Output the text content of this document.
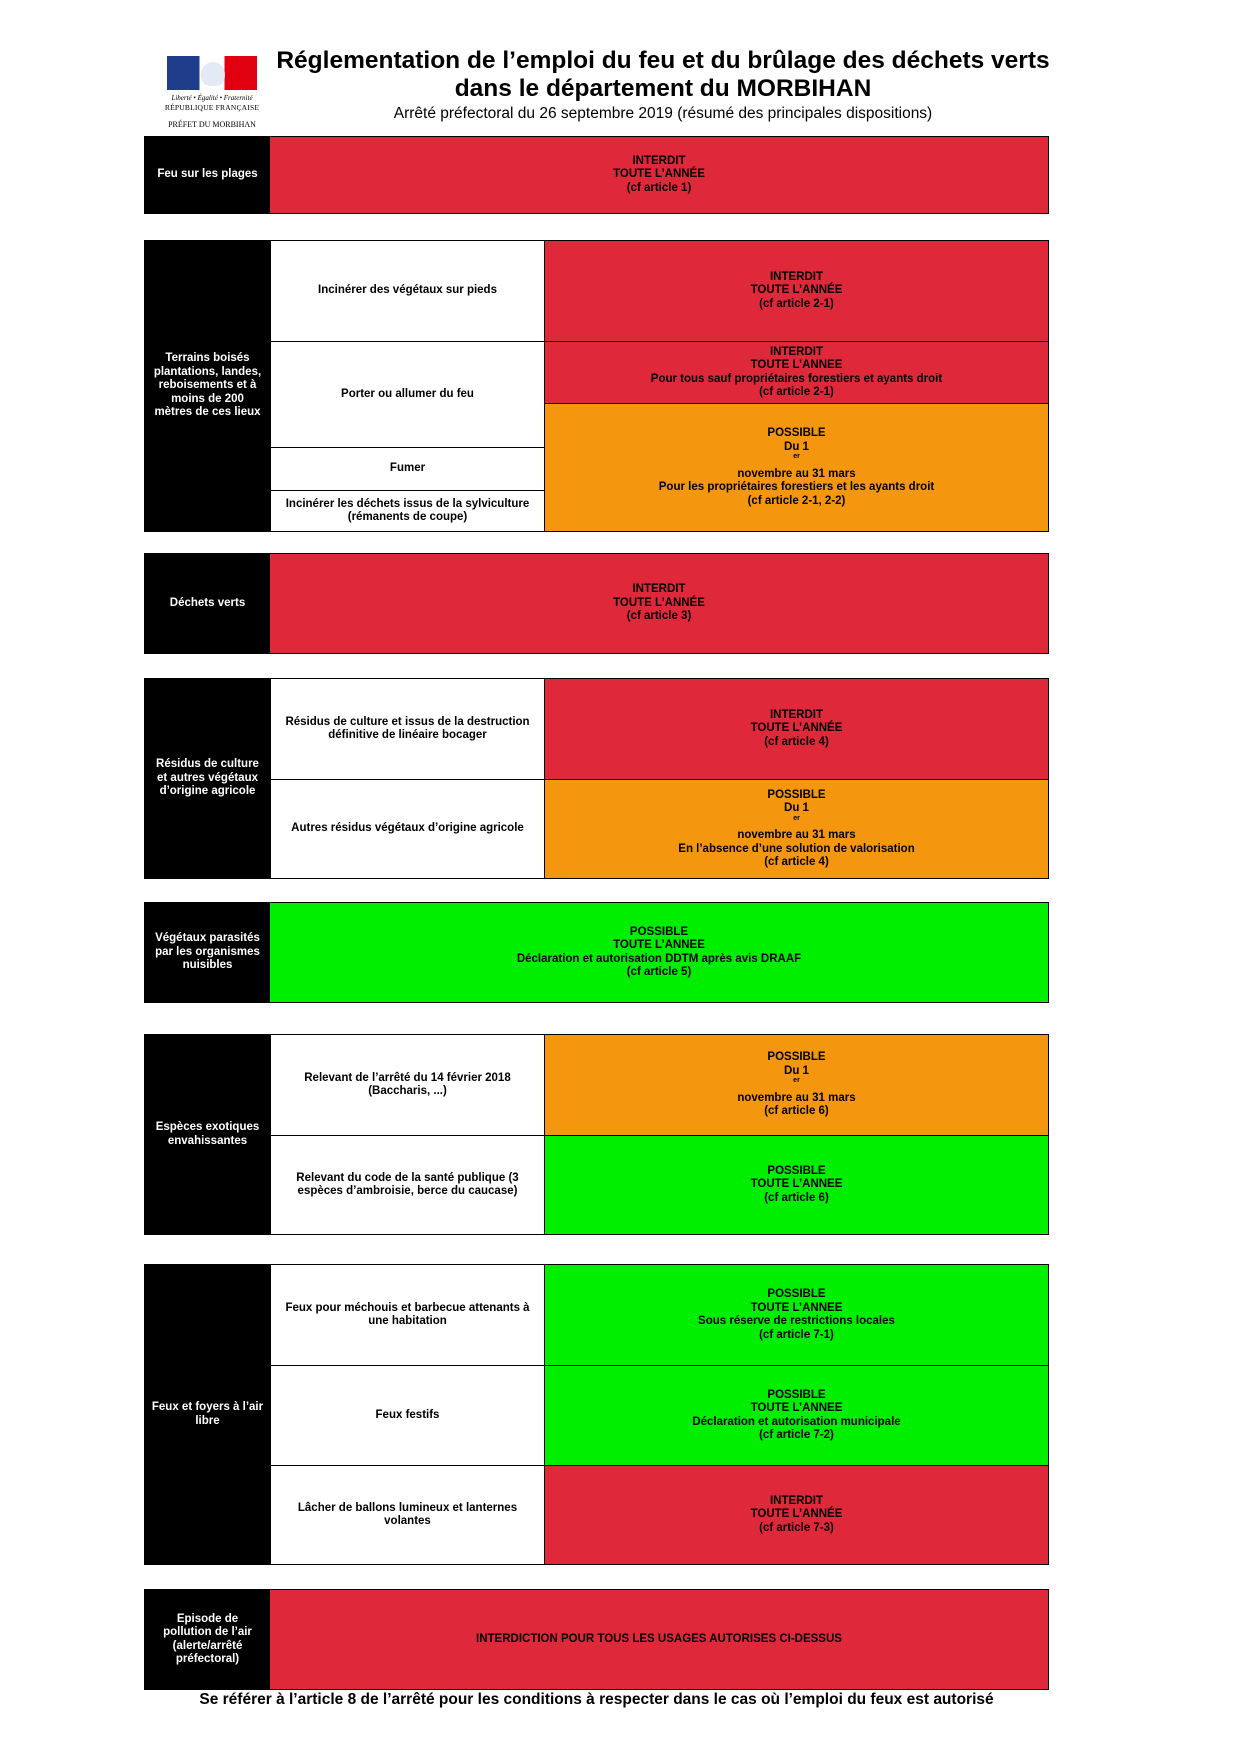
Liberté • Égalité • Fraternité
RÉPUBLIQUE FRANÇAISE
PRÉFET DU MORBIHAN
Réglementation de l’emploi du feu et du brûlage des déchets verts
dans le département du MORBIHAN
Arrêté préfectoral du 26 septembre 2019 (résumé des principales dispositions)
Feu sur les plages
INTERDIT
TOUTE L’ANNÉE
(cf article 1)
Terrains boisés plantations, landes, reboisements et à moins de 200 mètres de ces lieux
Incinérer des végétaux sur pieds
Porter ou allumer du feu
Fumer
Incinérer les déchets issus de la sylviculture (rémanents de coupe)
INTERDIT
TOUTE L’ANNÉE
(cf article 2-1)
INTERDIT
TOUTE L’ANNEE
Pour tous sauf propriétaires forestiers et ayants droit
(cf article 2-1)
POSSIBLE
Du 1
$^{er}$
novembre au 31 mars
Pour les propriétaires forestiers et les ayants droit
(cf article 2-1, 2-2)
Déchets verts
INTERDIT
TOUTE L’ANNÉE
(cf article 3)
Résidus de culture et autres végétaux d’origine agricole
Résidus de culture et issus de la destruction définitive de linéaire bocager
Autres résidus végétaux d’origine agricole
INTERDIT
TOUTE L’ANNÉE
(cf article 4)
POSSIBLE
Du 1
$^{er}$
novembre au 31 mars
En l’absence d’une solution de valorisation
(cf article 4)
Végétaux parasités par les organismes nuisibles
POSSIBLE
TOUTE L’ANNEE
Déclaration et autorisation DDTM après avis DRAAF
(cf article 5)
Espèces exotiques envahissantes
Relevant de l’arrêté du 14 février 2018 (Baccharis, ...)
Relevant du code de la santé publique (3 espèces d’ambroisie, berce du caucase)
POSSIBLE
Du 1
$^{er}$
novembre au 31 mars
(cf article 6)
POSSIBLE
TOUTE L’ANNEE
(cf article 6)
Feux et foyers à l’air libre
Feux pour méchouis et barbecue attenants à une habitation
Feux festifs
Lâcher de ballons lumineux et lanternes volantes
POSSIBLE
TOUTE L’ANNEE
Sous réserve de restrictions locales
(cf article 7-1)
POSSIBLE
TOUTE L’ANNEE
Déclaration et autorisation municipale
(cf article 7-2)
INTERDIT
TOUTE L’ANNÉE
(cf article 7-3)
Episode de pollution de l’air (alerte/arrêté préfectoral)
INTERDICTION POUR TOUS LES USAGES AUTORISES CI-DESSUS
Se référer à l’article 8 de l’arrêté pour les conditions à respecter dans le cas où l’emploi du feux est autorisé
